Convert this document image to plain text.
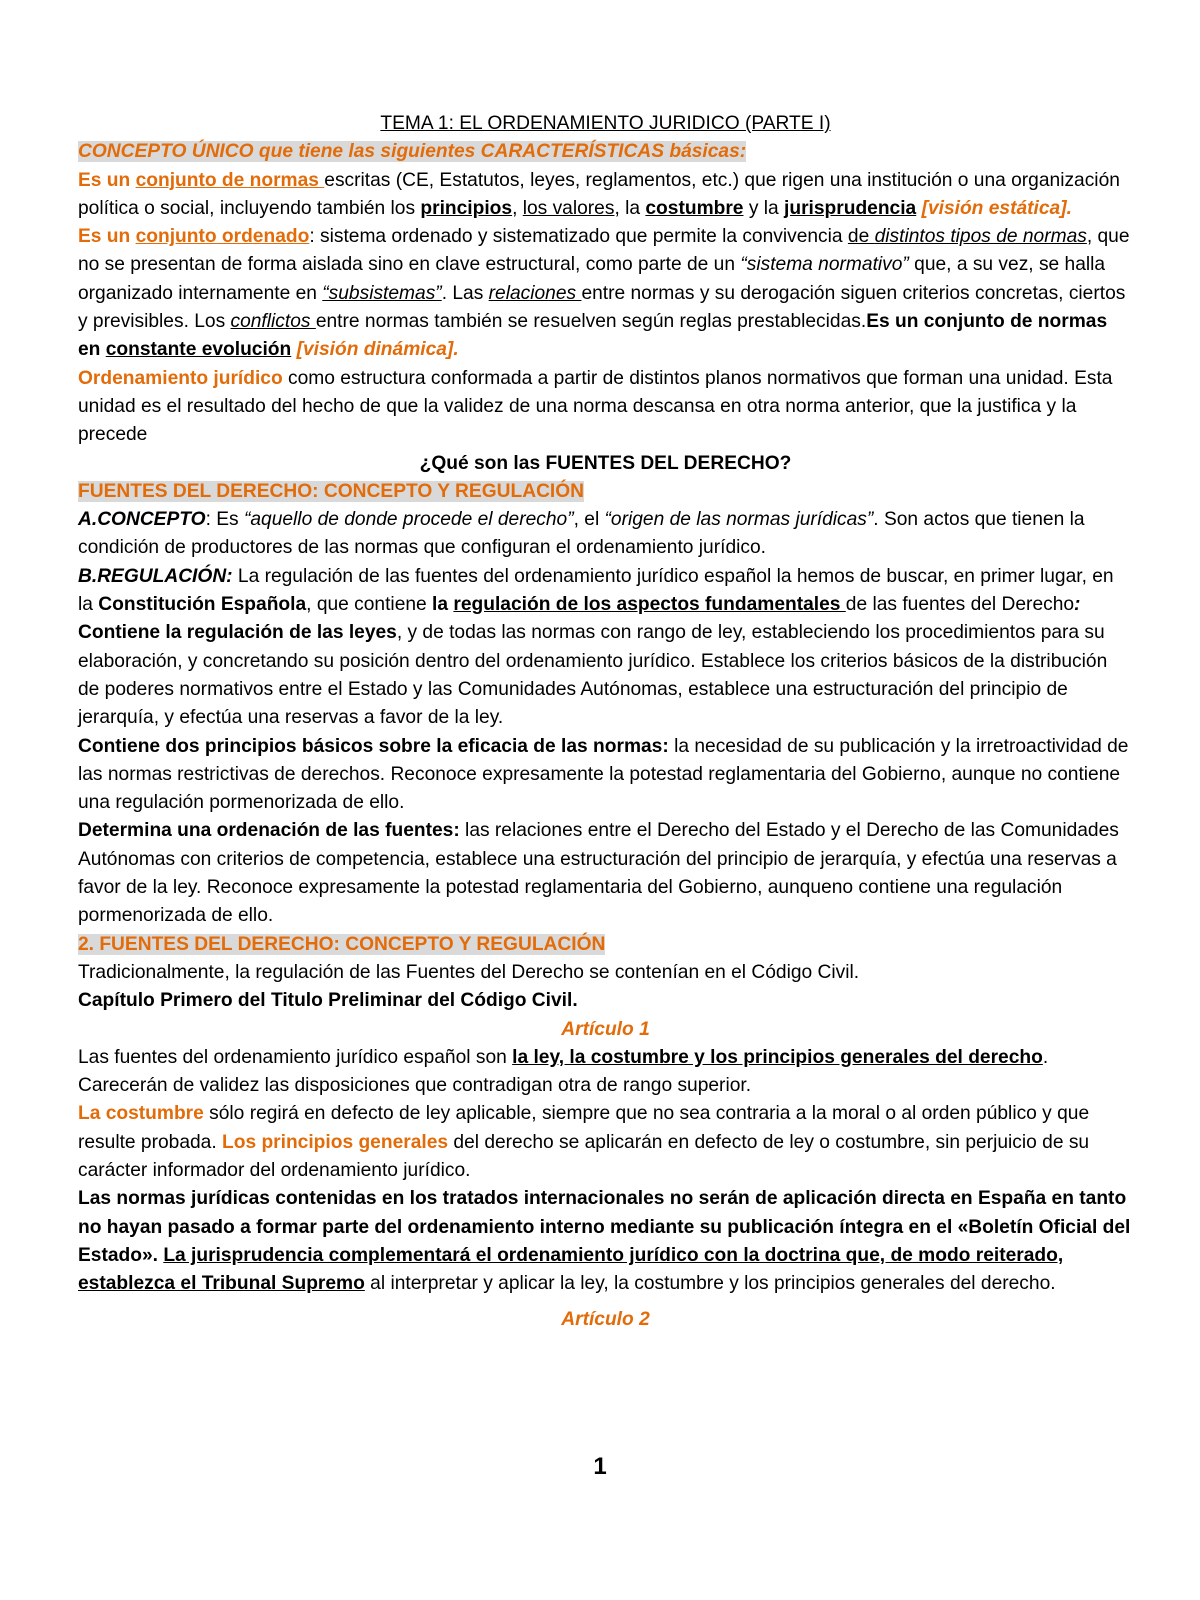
TEMA 1: EL ORDENAMIENTO JURIDICO (PARTE I)

CONCEPTO ÚNICO que tiene las siguientes CARACTERÍSTICAS básicas:

Es un conjunto de normas escritas (CE, Estatutos, leyes, reglamentos, etc.) que rigen una institución o una organización política o social, incluyendo también los principios, los valores, la costumbre y la jurisprudencia [visión estática].

Es un conjunto ordenado: sistema ordenado y sistematizado que permite la convivencia de distintos tipos de normas, que no se presentan de forma aislada sino en clave estructural, como parte de un “sistema normativo” que, a su vez, se halla organizado internamente en “subsistemas”. Las relaciones entre normas y su derogación siguen criterios concretas, ciertos y previsibles. Los conflictos entre normas también se resuelven según reglas prestablecidas.Es un conjunto de normas en constante evolución [visión dinámica].

Ordenamiento jurídico como estructura conformada a partir de distintos planos normativos que forman una unidad. Esta unidad es el resultado del hecho de que la validez de una norma descansa en otra norma anterior, que la justifica y la precede

¿Qué son las FUENTES DEL DERECHO?

FUENTES DEL DERECHO: CONCEPTO Y REGULACIÓN

A.CONCEPTO: Es “aquello de donde procede el derecho”, el “origen de las normas jurídicas”. Son actos que tienen la condición de productores de las normas que configuran el ordenamiento jurídico.

B.REGULACIÓN: La regulación de las fuentes del ordenamiento jurídico español la hemos de buscar, en primer lugar, en la Constitución Española, que contiene la regulación de los aspectos fundamentales de las fuentes del Derecho:

Contiene la regulación de las leyes, y de todas las normas con rango de ley, estableciendo los procedimientos para su elaboración, y concretando su posición dentro del ordenamiento jurídico. Establece los criterios básicos de la distribución de poderes normativos entre el Estado y las Comunidades Autónomas, establece una estructuración del principio de jerarquía, y efectúa una reservas a favor de la ley.

Contiene dos principios básicos sobre la eficacia de las normas: la necesidad de su publicación y la irretroactividad de las normas restrictivas de derechos. Reconoce expresamente la potestad reglamentaria del Gobierno, aunque no contiene una regulación pormenorizada de ello.

Determina una ordenación de las fuentes: las relaciones entre el Derecho del Estado y el Derecho de las Comunidades Autónomas con criterios de competencia, establece una estructuración del principio de jerarquía, y efectúa una reservas a favor de la ley. Reconoce expresamente la potestad reglamentaria del Gobierno, aunqueno contiene una regulación pormenorizada de ello.

2. FUENTES DEL DERECHO: CONCEPTO Y REGULACIÓN

Tradicionalmente, la regulación de las Fuentes del Derecho se contenían en el Código Civil.

Capítulo Primero del Titulo Preliminar del Código Civil.

Artículo 1

Las fuentes del ordenamiento jurídico español son la ley, la costumbre y los principios generales del derecho. Carecerán de validez las disposiciones que contradigan otra de rango superior.

La costumbre sólo regirá en defecto de ley aplicable, siempre que no sea contraria a la moral o al orden público y que resulte probada. Los principios generales del derecho se aplicarán en defecto de ley o costumbre, sin perjuicio de su carácter informador del ordenamiento jurídico.

Las normas jurídicas contenidas en los tratados internacionales no serán de aplicación directa en España en tanto no hayan pasado a formar parte del ordenamiento interno mediante su publicación íntegra en el «Boletín Oficial del Estado». La jurisprudencia complementará el ordenamiento jurídico con la doctrina que, de modo reiterado, establezca el Tribunal Supremo al interpretar y aplicar la ley, la costumbre y los principios generales del derecho.

Artículo 2

1
